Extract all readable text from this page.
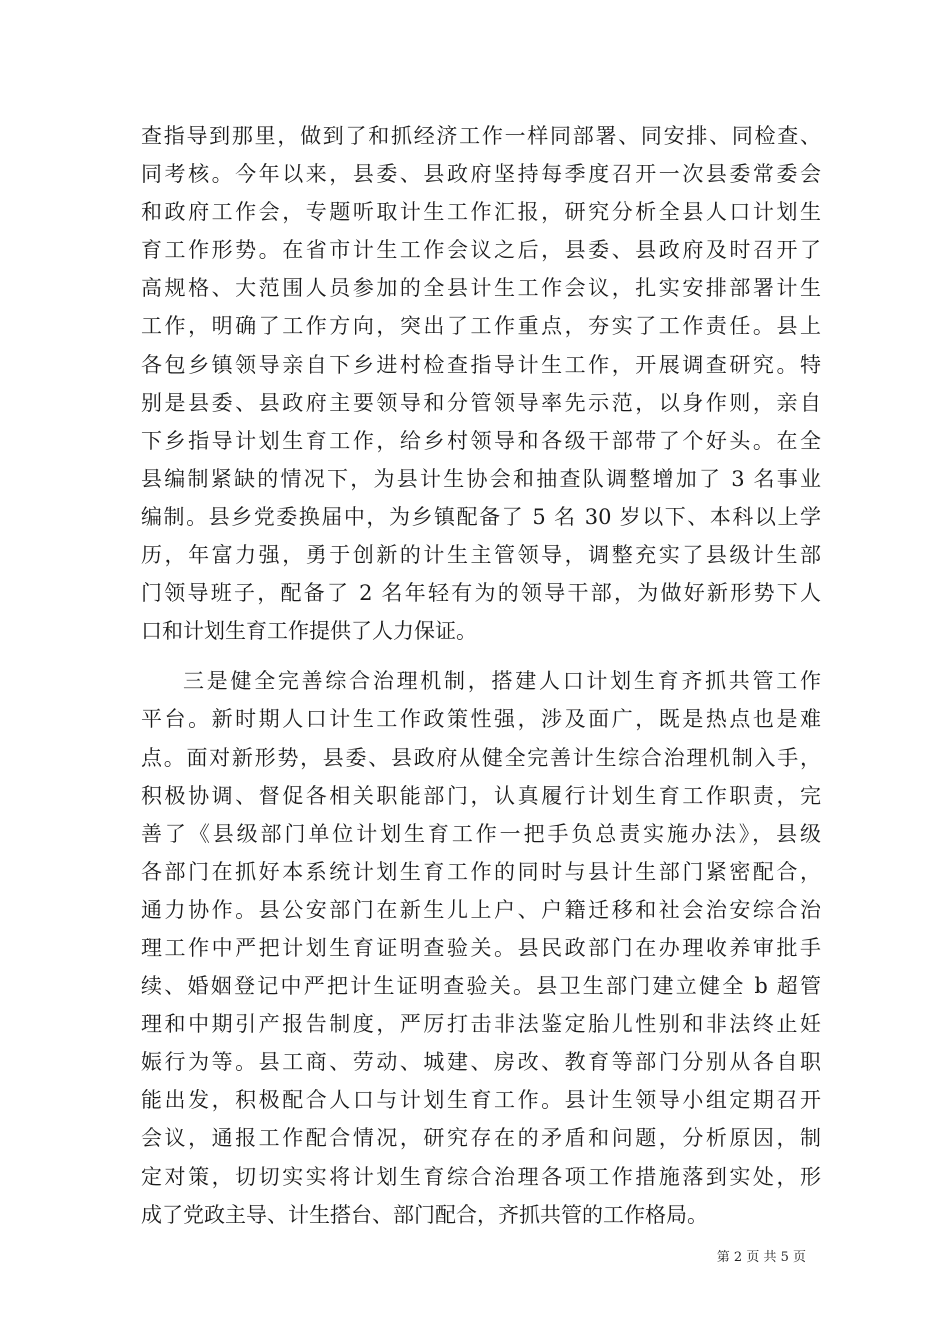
查指导到那里，做到了和抓经济工作一样同部署、同安排、同检查、
同考核。今年以来，县委、县政府坚持每季度召开一次县委常委会
和政府工作会，专题听取计生工作汇报，研究分析全县人口计划生
育工作形势。在省市计生工作会议之后，县委、县政府及时召开了
高规格、大范围人员参加的全县计生工作会议，扎实安排部署计生
工作，明确了工作方向，突出了工作重点，夯实了工作责任。县上
各包乡镇领导亲自下乡进村检查指导计生工作，开展调查研究。特
别是县委、县政府主要领导和分管领导率先示范，以身作则，亲自
下乡指导计划生育工作，给乡村领导和各级干部带了个好头。在全
县编制紧缺的情况下，为县计生协会和抽查队调整增加了 3 名事业
编制。县乡党委换届中，为乡镇配备了 5 名 30 岁以下、本科以上学
历，年富力强，勇于创新的计生主管领导，调整充实了县级计生部
门领导班子，配备了 2 名年轻有为的领导干部，为做好新形势下人
口和计划生育工作提供了人力保证。
三是健全完善综合治理机制，搭建人口计划生育齐抓共管工作
平台。新时期人口计生工作政策性强，涉及面广，既是热点也是难
点。面对新形势，县委、县政府从健全完善计生综合治理机制入手，
积极协调、督促各相关职能部门，认真履行计划生育工作职责，完
善了《县级部门单位计划生育工作一把手负总责实施办法》，县级
各部门在抓好本系统计划生育工作的同时与县计生部门紧密配合，
通力协作。县公安部门在新生儿上户、户籍迁移和社会治安综合治
理工作中严把计划生育证明查验关。县民政部门在办理收养审批手
续、婚姻登记中严把计生证明查验关。县卫生部门建立健全 b 超管
理和中期引产报告制度，严厉打击非法鉴定胎儿性别和非法终止妊
娠行为等。县工商、劳动、城建、房改、教育等部门分别从各自职
能出发，积极配合人口与计划生育工作。县计生领导小组定期召开
会议，通报工作配合情况，研究存在的矛盾和问题，分析原因，制
定对策，切切实实将计划生育综合治理各项工作措施落到实处，形
成了党政主导、计生搭台、部门配合，齐抓共管的工作格局。
第 2 页 共 5 页
